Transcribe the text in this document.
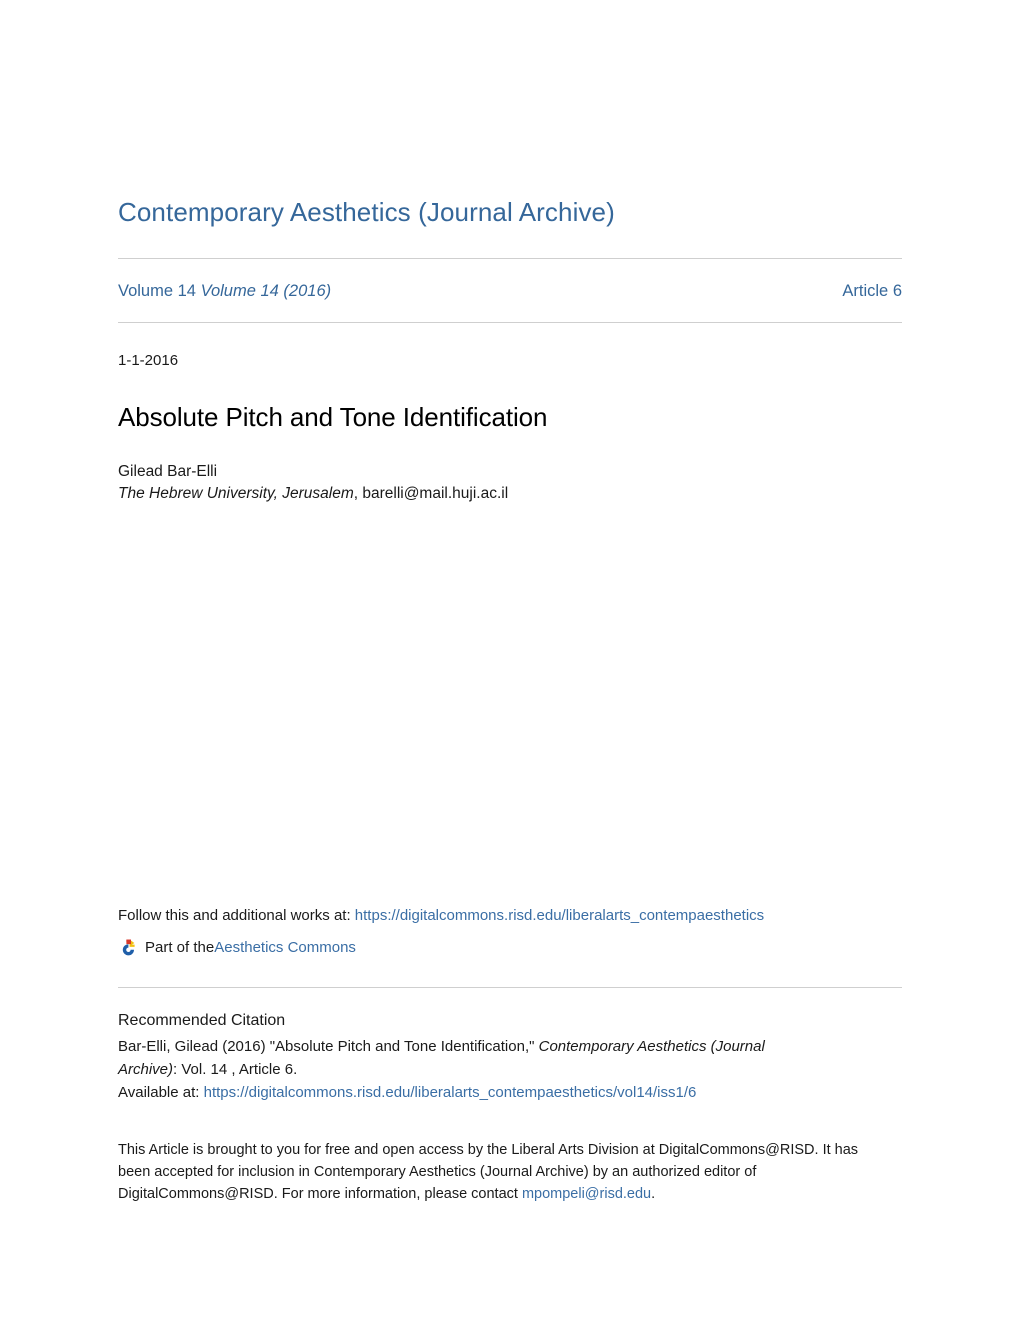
Contemporary Aesthetics (Journal Archive)
Volume 14 Volume 14 (2016)	Article 6
1-1-2016
Absolute Pitch and Tone Identification
Gilead Bar-Elli
The Hebrew University, Jerusalem, barelli@mail.huji.ac.il

Follow this and additional works at: https://digitalcommons.risd.edu/liberalarts_contempaesthetics

Part of the Aesthetics Commons

Recommended Citation

Bar-Elli, Gilead (2016) "Absolute Pitch and Tone Identification," Contemporary Aesthetics (Journal Archive): Vol. 14 , Article 6.

Available at: https://digitalcommons.risd.edu/liberalarts_contempaesthetics/vol14/iss1/6

This Article is brought to you for free and open access by the Liberal Arts Division at DigitalCommons@RISD. It has been accepted for inclusion in Contemporary Aesthetics (Journal Archive) by an authorized editor of DigitalCommons@RISD. For more information, please contact mpompeli@risd.edu.
